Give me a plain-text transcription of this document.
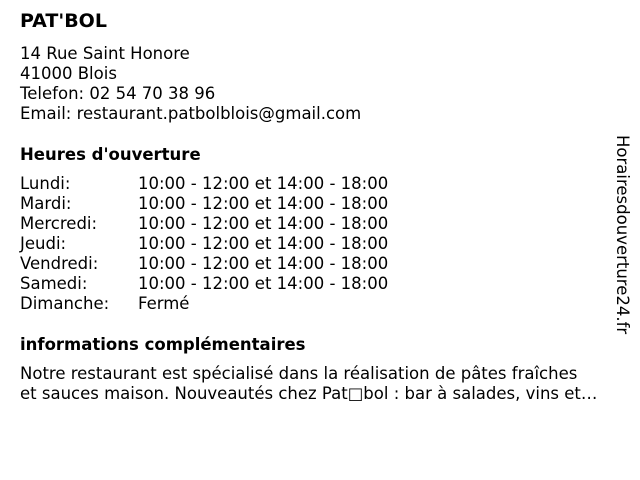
PAT'BOL
14 Rue Saint Honore
41000 Blois
Telefon: 02 54 70 38 96
Email: restaurant.patbolblois@gmail.com
Heures d'ouverture
Lundi:	10:00 - 12:00 et 14:00 - 18:00
Mardi:	10:00 - 12:00 et 14:00 - 18:00
Mercredi:	10:00 - 12:00 et 14:00 - 18:00
Jeudi:	10:00 - 12:00 et 14:00 - 18:00
Vendredi:	10:00 - 12:00 et 14:00 - 18:00
Samedi:	10:00 - 12:00 et 14:00 - 18:00
Dimanche:	Fermé
informations complémentaires
Notre restaurant est spécialisé dans la réalisation de pâtes fraîches
et sauces maison. Nouveautés chez Pat□bol : bar à salades, vins et…
Horairesdouverture24.fr
